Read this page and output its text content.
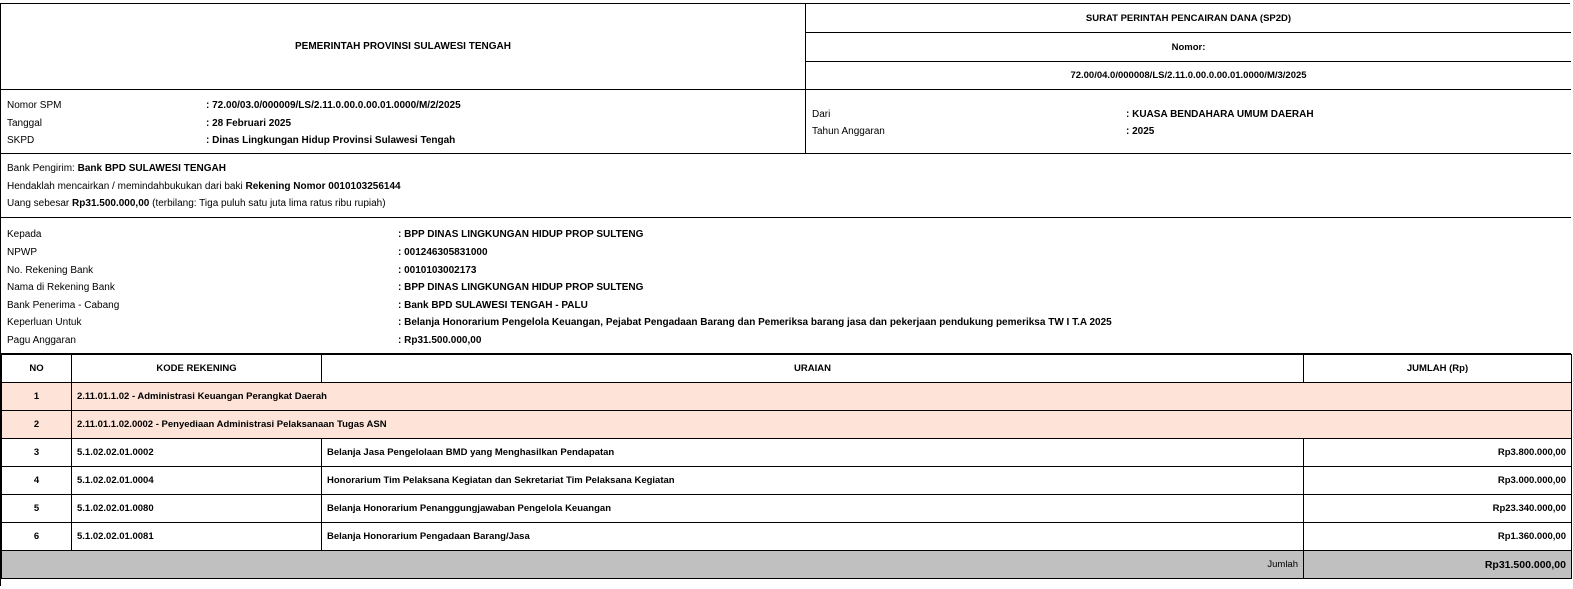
PEMERINTAH PROVINSI SULAWESI TENGAH
SURAT PERINTAH PENCAIRAN DANA (SP2D)
Nomor:
72.00/04.0/000008/LS/2.11.0.00.0.00.01.0000/M/3/2025
Nomor SPM	: 72.00/03.0/000009/LS/2.11.0.00.0.00.01.0000/M/2/2025
Tanggal	: 28 Februari 2025
SKPD	: Dinas Lingkungan Hidup Provinsi Sulawesi Tengah
Dari	: KUASA BENDAHARA UMUM DAERAH
Tahun Anggaran	: 2025
Bank Pengirim: Bank BPD SULAWESI TENGAH
Hendaklah mencairkan / memindahbukukan dari baki Rekening Nomor 0010103256144
Uang sebesar Rp31.500.000,00 (terbilang: Tiga puluh satu juta lima ratus ribu rupiah)
Kepada	: BPP DINAS LINGKUNGAN HIDUP PROP SULTENG
NPWP	: 001246305831000
No. Rekening Bank	: 0010103002173
Nama di Rekening Bank	: BPP DINAS LINGKUNGAN HIDUP PROP SULTENG
Bank Penerima - Cabang	: Bank BPD SULAWESI TENGAH - PALU
Keperluan Untuk	: Belanja Honorarium Pengelola Keuangan, Pejabat Pengadaan Barang dan Pemeriksa barang jasa dan pekerjaan pendukung pemeriksa TW I T.A 2025
Pagu Anggaran	: Rp31.500.000,00
NO	KODE REKENING	URAIAN	JUMLAH (Rp)
1	2.11.01.1.02 - Administrasi Keuangan Perangkat Daerah		
2	2.11.01.1.02.0002 - Penyediaan Administrasi Pelaksanaan Tugas ASN		
3	5.1.02.02.01.0002	Belanja Jasa Pengelolaan BMD yang Menghasilkan Pendapatan	Rp3.800.000,00
4	5.1.02.02.01.0004	Honorarium Tim Pelaksana Kegiatan dan Sekretariat Tim Pelaksana Kegiatan	Rp3.000.000,00
5	5.1.02.02.01.0080	Belanja Honorarium Penanggungjawaban Pengelola Keuangan	Rp23.340.000,00
6	5.1.02.02.01.0081	Belanja Honorarium Pengadaan Barang/Jasa	Rp1.360.000,00
Jumlah			Rp31.500.000,00
